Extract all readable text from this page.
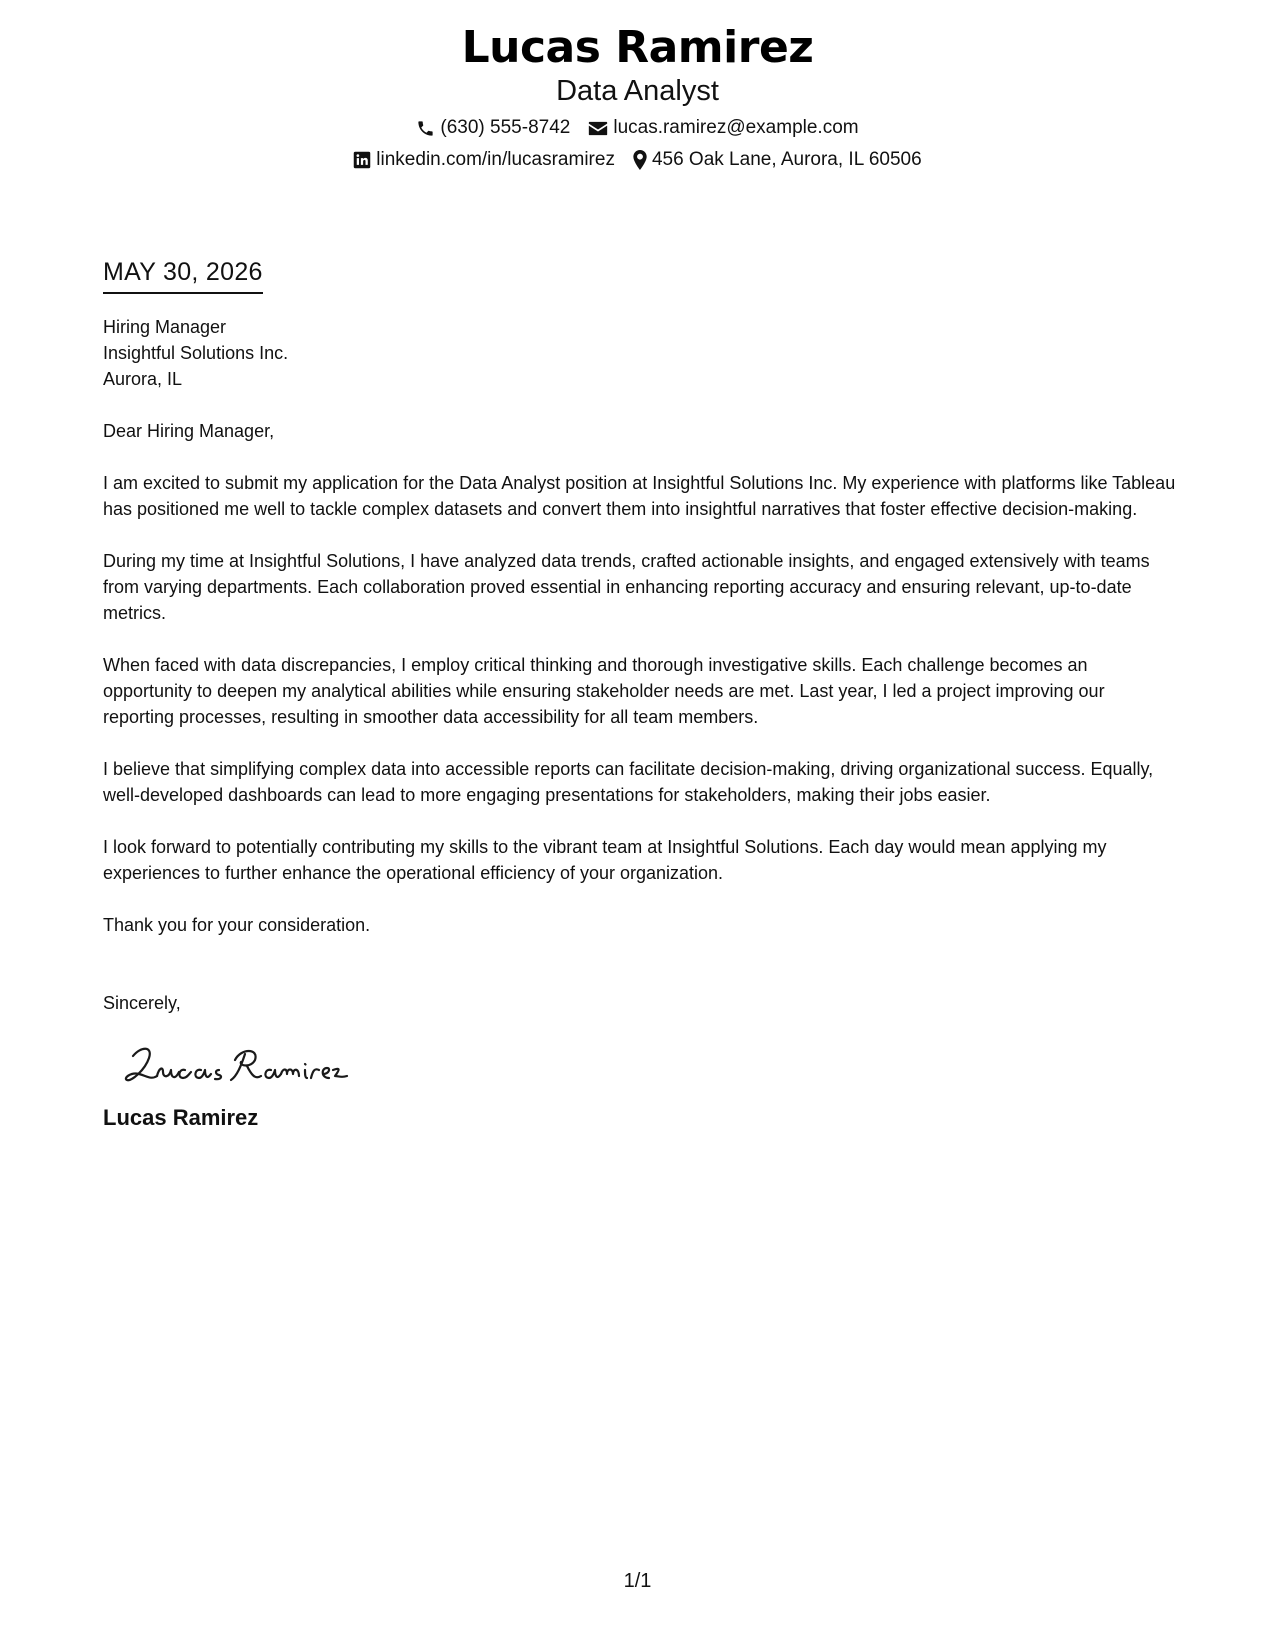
Lucas Ramirez
Data Analyst
(630) 555-8742 lucas.ramirez@example.com
linkedin.com/in/lucasramirez 456 Oak Lane, Aurora, IL 60506
MAY 30, 2026
Hiring Manager
Insightful Solutions Inc.
Aurora, IL
Dear Hiring Manager,
I am excited to submit my application for the Data Analyst position at Insightful Solutions Inc. My experience with platforms like Tableau has positioned me well to tackle complex datasets and convert them into insightful narratives that foster effective decision-making.
During my time at Insightful Solutions, I have analyzed data trends, crafted actionable insights, and engaged extensively with teams from varying departments. Each collaboration proved essential in enhancing reporting accuracy and ensuring relevant, up-to-date metrics.
When faced with data discrepancies, I employ critical thinking and thorough investigative skills. Each challenge becomes an opportunity to deepen my analytical abilities while ensuring stakeholder needs are met. Last year, I led a project improving our reporting processes, resulting in smoother data accessibility for all team members.
I believe that simplifying complex data into accessible reports can facilitate decision-making, driving organizational success. Equally, well-developed dashboards can lead to more engaging presentations for stakeholders, making their jobs easier.
I look forward to potentially contributing my skills to the vibrant team at Insightful Solutions. Each day would mean applying my experiences to further enhance the operational efficiency of your organization.
Thank you for your consideration.
Sincerely,
Lucas Ramirez
1/1
